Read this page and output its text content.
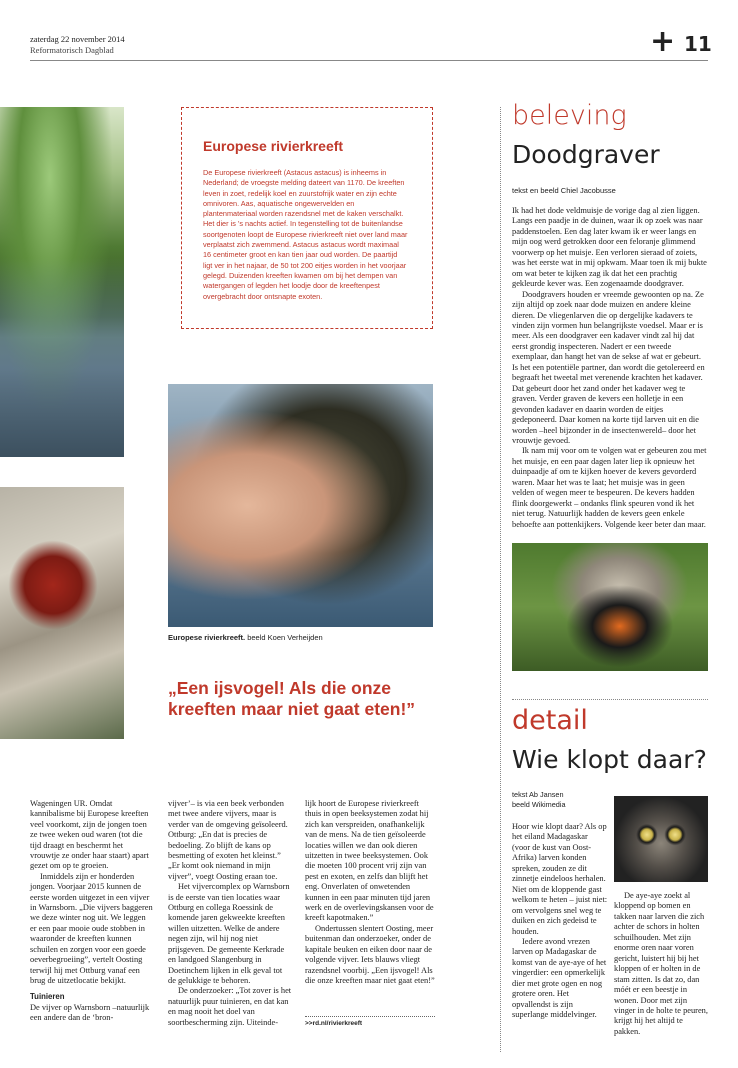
zaterdag 22 november 2014
Reformatorisch Dagblad	+ 11
Europese rivierkreeft
De Europese rivierkreeft (Astacus astacus) is inheems in Nederland; de vroegste melding dateert van 1170. De kreeften leven in zoet, redelijk koel en zuurstofrijk water en zijn echte omnivoren. Aas, aquatische ongewervelden en plantenmateriaal worden razendsnel met de kaken verschalkt. Het dier is ’s nachts actief. In tegenstelling tot de buitenlandse soortgenoten loopt de Europese rivierkreeft niet over land maar verplaatst zich zwemmend. Astacus astacus wordt maximaal 16 centimeter groot en kan tien jaar oud worden. De paartijd ligt ver in het najaar, de 50 tot 200 eitjes worden in het voorjaar gelegd. Duizenden kreeften kwamen om bij het dempen van watergangen of legden het loodje door de kreeftenpest overgebracht door ontsnapte exoten.
Europese rivierkreeft. beeld Koen Verheijden
„Een ijsvogel! Als die onze kreeften maar niet gaat eten!”

Wageningen UR. Omdat kannibalisme bij Europese kreeften veel voorkomt, zijn de jongen toen ze twee weken oud waren (tot die tijd draagt en beschermt het vrouwtje ze onder haar staart) apart gezet om op te groeien.

Inmiddels zijn er honderden jongen. Voorjaar 2015 kunnen de eerste worden uitgezet in een vijver in Warnsborn. „Die vijvers baggeren we deze winter nog uit. We leggen er een paar mooie oude stobben in waaronder de kreeften kunnen schuilen en zorgen voor een goede oeverbegroeiing”, vertelt Oosting terwijl hij met Ottburg vanaf een brug de uitzetlocatie bekijkt.

Tuinieren

De vijver op Warnsborn –natuurlijk een andere dan de ‘bron-

vijver’– is via een beek verbonden met twee andere vijvers, maar is verder van de omgeving geïsoleerd. Ottburg: „En dat is precies de bedoeling. Zo blijft de kans op besmetting of exoten het kleinst.” „Er komt ook niemand in mijn vijver”, voegt Oosting eraan toe.

Het vijvercomplex op Warnsborn is de eerste van tien locaties waar Ottburg en collega Roessink de komende jaren gekweekte kreeften willen uitzetten. Welke de andere negen zijn, wil hij nog niet prijsgeven. De gemeente Kerkrade en landgoed Slangenburg in Doetinchem lijken in elk geval tot de gelukkige te behoren.

De onderzoeker: „Tot zover is het natuurlijk puur tuinieren, en dat kan en mag nooit het doel van soortbescherming zijn. Uiteinde-

lijk hoort de Europese rivierkreeft thuis in open beeksystemen zodat hij zich kan verspreiden, onafhankelijk van de mens. Na de tien geïsoleerde locaties willen we dan ook dieren uitzetten in twee beeksystemen. Ook die moeten 100 procent vrij zijn van pest en exoten, en zelfs dan blijft het eng. Onverlaten of onwetenden kunnen in een paar minuten tijd jaren werk en de overlevingskansen voor de kreeft kapotmaken.”

Ondertussen slentert Oosting, meer buitenman dan onderzoeker, onder de kapitale beuken en eiken door naar de volgende vijver. Iets blauws vliegt razendsnel voorbij. „Een ijsvogel! Als die onze kreeften maar niet gaat eten!”

>>rd.nl/rivierkreeft
beleving
Doodgraver
tekst en beeld Chiel Jacobusse

Ik had het dode veldmuisje de vorige dag al zien liggen. Langs een paadje in de duinen, waar ik op zoek was naar paddenstoelen. Een dag later kwam ik er weer langs en mijn oog werd getrokken door een feloranje glimmend voorwerp op het muisje. Een verloren sieraad of zoiets, was het eerste wat in mij opkwam. Maar toen ik mij bukte om wat beter te kijken zag ik dat het een prachtig gekleurde kever was. Een zogenaamde doodgraver.

Doodgravers houden er vreemde gewoonten op na. Ze zijn altijd op zoek naar dode muizen en andere kleine dieren. De vliegenlarven die op dergelijke kadavers te vinden zijn vormen hun belangrijkste voedsel. Maar er is meer. Als een doodgraver een kadaver vindt zal hij dat eerst grondig inspecteren. Nadert er een tweede exemplaar, dan hangt het van de sekse af wat er gebeurt. Is het een potentiële partner, dan wordt die getolereerd en begraaft het tweetal met verenende krachten het kadaver. Dat gebeurt door het zand onder het kadaver weg te graven. Verder graven de kevers een holletje in een gevonden kadaver en daarin worden de eitjes gedeponeerd. Daar komen na korte tijd larven uit en die worden –heel bijzonder in de insectenwereld– door het vrouwtje gevoed.

Ik nam mij voor om te volgen wat er gebeuren zou met het muisje, en een paar dagen later liep ik opnieuw het duinpaadje af om te kijken hoever de kevers gevorderd waren. Maar het was te laat; het muisje was in geen velden of wegen meer te bespeuren. De kevers hadden flink doorgewerkt – ondanks flink speuren vond ik het niet terug. Natuurlijk hadden de kevers geen enkele behoefte aan pottenkijkers. Volgende keer beter dan maar.

detail
Wie klopt daar?
tekst Ab Jansen
beeld Wikimedia

Hoor wie klopt daar? Als op het eiland Madagaskar (voor de kust van Oost-Afrika) larven konden spreken, zouden ze dit zinnetje eindeloos herhalen. Niet om de kloppende gast welkom te heten – juist niet: om vervolgens snel weg te duiken en zich gedeisd te houden.

Iedere avond vrezen larven op Madagaskar de komst van de aye-aye of het vingerdier: een opmerkelijk dier met grote ogen en nog grotere oren. Het opvallendst is zijn superlange middelvinger.

De aye-aye zoekt al kloppend op bomen en takken naar larven die zich achter de schors in holten schuilhouden. Met zijn enorme oren naar voren gericht, luistert hij bij het kloppen of er holten in de stam zitten. Is dat zo, dan móét er een beestje in wonen. Door met zijn vinger in de holte te peuren, krijgt hij het altijd te pakken.
